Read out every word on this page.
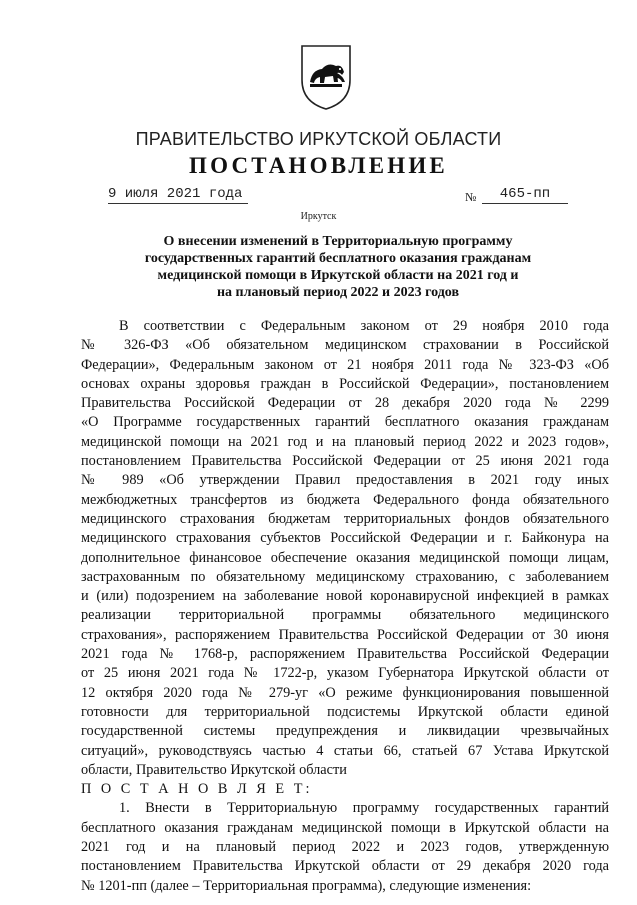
ПРАВИТЕЛЬСТВО ИРКУТСКОЙ ОБЛАСТИ
ПОСТАНОВЛЕНИЕ
9 июля 2021 года	№	465-пп
Иркутск
О внесении изменений в Территориальную программу
государственных гарантий бесплатного оказания гражданам
медицинской помощи в Иркутской области на 2021 год и
на плановый период 2022 и 2023 годов
В соответствии с Федеральным законом от 29 ноября 2010 года
№ 326-ФЗ «Об обязательном медицинском страховании в Российской
Федерации», Федеральным законом от 21 ноября 2011 года № 323-ФЗ «Об
основах охраны здоровья граждан в Российской Федерации», постановлением
Правительства Российской Федерации от 28 декабря 2020 года № 2299
«О Программе государственных гарантий бесплатного оказания гражданам
медицинской помощи на 2021 год и на плановый период 2022 и 2023 годов»,
постановлением Правительства Российской Федерации от 25 июня 2021 года
№ 989 «Об утверждении Правил предоставления в 2021 году иных
межбюджетных трансфертов из бюджета Федерального фонда обязательного
медицинского страхования бюджетам территориальных фондов обязательного
медицинского страхования субъектов Российской Федерации и г. Байконура на
дополнительное финансовое обеспечение оказания медицинской помощи лицам,
застрахованным по обязательному медицинскому страхованию, с заболеванием
и (или) подозрением на заболевание новой коронавирусной инфекцией в рамках
реализации территориальной программы обязательного медицинского
страхования», распоряжением Правительства Российской Федерации от 30 июня
2021 года № 1768-р, распоряжением Правительства Российской Федерации
от 25 июня 2021 года № 1722-р, указом Губернатора Иркутской области от
12 октября 2020 года № 279-уг «О режиме функционирования повышенной
готовности для территориальной подсистемы Иркутской области единой
государственной системы предупреждения и ликвидации чрезвычайных
ситуаций», руководствуясь частью 4 статьи 66, статьей 67 Устава Иркутской
области, Правительство Иркутской области
П О С Т А Н О В Л Я Е Т:
1. Внести в Территориальную программу государственных гарантий
бесплатного оказания гражданам медицинской помощи в Иркутской области на
2021 год и на плановый период 2022 и 2023 годов, утвержденную
постановлением Правительства Иркутской области от 29 декабря 2020 года
№ 1201-пп (далее – Территориальная программа), следующие изменения:
